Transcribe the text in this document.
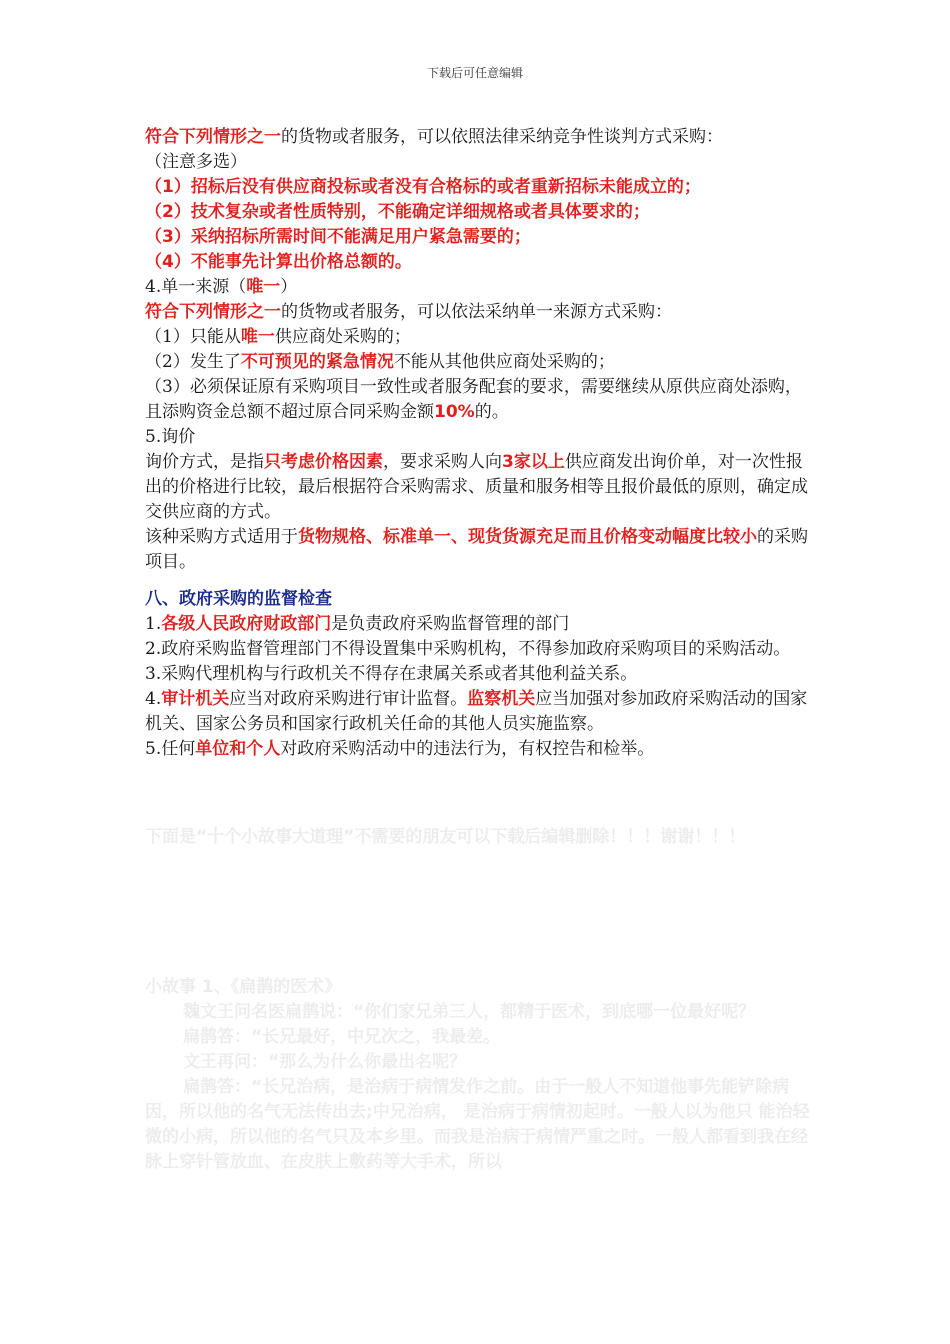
下载后可任意编辑
符合下列情形之一的货物或者服务，可以依照法律采纳竞争性谈判方式采购：
（注意多选）
（1）招标后没有供应商投标或者没有合格标的或者重新招标未能成立的；
（2）技术复杂或者性质特别，不能确定详细规格或者具体要求的；
（3）采纳招标所需时间不能满足用户紧急需要的；
（4）不能事先计算出价格总额的。
4.单一来源（唯一）
符合下列情形之一的货物或者服务，可以依法采纳单一来源方式采购：
（1）只能从唯一供应商处采购的；
（2）发生了不可预见的紧急情况不能从其他供应商处采购的；
（3）必须保证原有采购项目一致性或者服务配套的要求，需要继续从原供应商处添购，且添购资金总额不超过原合同采购金额10%的。
5.询价
询价方式，是指只考虑价格因素，要求采购人向3家以上供应商发出询价单，对一次性报出的价格进行比较，最后根据符合采购需求、质量和服务相等且报价最低的原则，确定成交供应商的方式。
该种采购方式适用于货物规格、标准单一、现货货源充足而且价格变动幅度比较小的采购项目。
八、政府采购的监督检查
1.各级人民政府财政部门是负责政府采购监督管理的部门
2.政府采购监督管理部门不得设置集中采购机构，不得参加政府采购项目的采购活动。
3.采购代理机构与行政机关不得存在隶属关系或者其他利益关系。
4.审计机关应当对政府采购进行审计监督。监察机关应当加强对参加政府采购活动的国家机关、国家公务员和国家行政机关任命的其他人员实施监察。
5.任何单位和个人对政府采购活动中的违法行为，有权控告和检举。
下面是“十个小故事大道理”不需要的朋友可以下载后编辑删除！！！谢谢！！！
小故事 1、《扁鹊的医术》
魏文王问名医扁鹊说：“你们家兄弟三人，都精于医术，到底哪一位最好呢？
扁鹊答：“长兄最好，中兄次之，我最差。
文王再问：“那么为什么你最出名呢？
扁鹊答：“长兄治病，是治病于病情发作之前。由于一般人不知道他事先能铲除病因，所以他的名气无法传出去;中兄治病， 是治病于病情初起时。一般人以为他只 能治轻微的小病，所以他的名气只及本乡里。而我是治病于病情严重之时。一般人都看到我在经脉上穿针管放血、在皮肤上敷药等大手术，所以
